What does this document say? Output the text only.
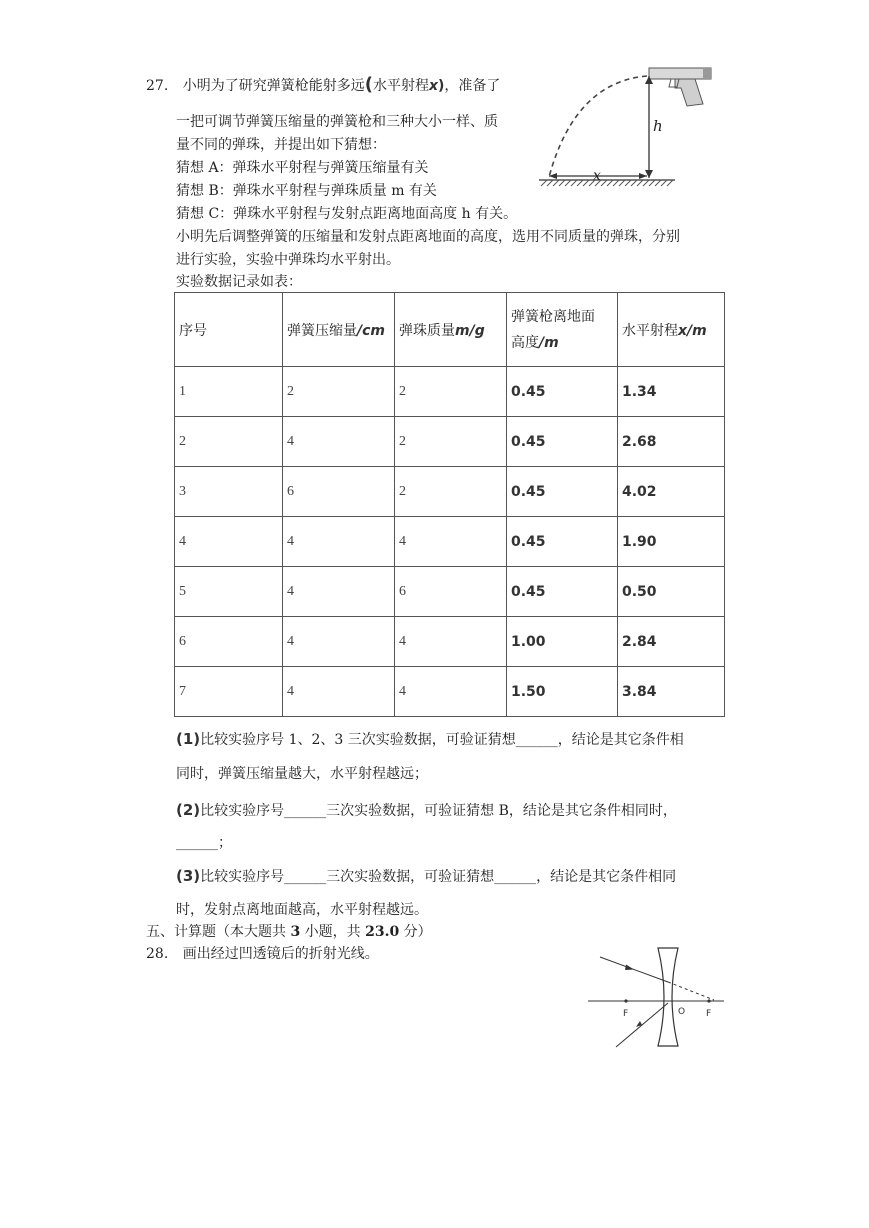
27. 小明为了研究弹簧枪能射多远(水平射程x)，准备了
一把可调节弹簧压缩量的弹簧枪和三种大小一样、质
量不同的弹珠，并提出如下猜想：
猜想 A：弹珠水平射程与弹簧压缩量有关
猜想 B：弹珠水平射程与弹珠质量 m 有关
猜想 C：弹珠水平射程与发射点距离地面高度 h 有关。
小明先后调整弹簧的压缩量和发射点距离地面的高度，选用不同质量的弹珠，分别
进行实验，实验中弹珠均水平射出。
实验数据记录如表：
h
x
序号	弹簧压缩量/cm	弹珠质量m/g	弹簧枪离地面
高度/m	水平射程x/m
1	2	2	0.45	1.34
2	4	2	0.45	2.68
3	6	2	0.45	4.02
4	4	4	0.45	1.90
5	4	6	0.45	0.50
6	4	4	1.00	2.84
7	4	4	1.50	3.84
(1)比较实验序号 1、2、3 三次实验数据，可验证猜想______，结论是其它条件相
同时，弹簧压缩量越大，水平射程越远；
(2)比较实验序号______三次实验数据，可验证猜想 B，结论是其它条件相同时，
______；
(3)比较实验序号______三次实验数据，可验证猜想______，结论是其它条件相同
时，发射点离地面越高，水平射程越远。
五、计算题（本大题共 3 小题，共 23.0 分）
28. 画出经过凹透镜后的折射光线。
F	O F
